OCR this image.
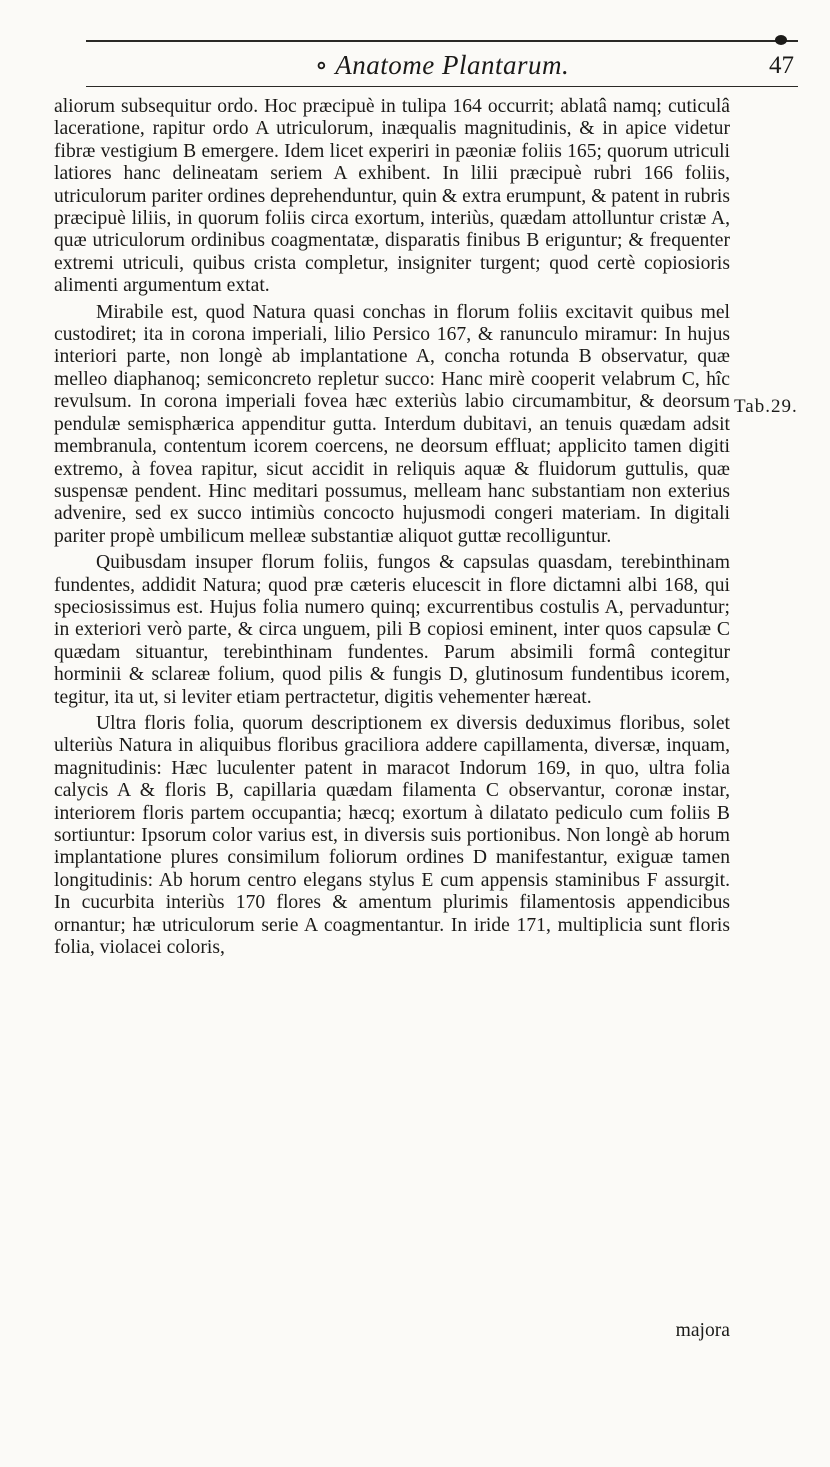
∘ Anatome Plantarum.	47
Tab.29.

aliorum subsequitur ordo. Hoc præcipuè in tulipa 164 occurrit; ablatâ namq; cuticulâ laceratione, rapitur ordo A utriculorum, inæqualis magnitudinis, & in apice videtur fibræ vestigium B emergere. Idem licet experiri in pæoniæ foliis 165; quorum utriculi latiores hanc delineatam seriem A exhibent. In lilii præcipuè rubri 166 foliis, utriculorum pariter ordines deprehenduntur, quin & extra erumpunt, & patent in rubris præcipuè liliis, in quorum foliis circa exortum, interiùs, quædam attolluntur cristæ A, quæ utriculorum ordinibus coagmentatæ, disparatis finibus B eriguntur; & frequenter extremi utriculi, quibus crista completur, insigniter turgent; quod certè copiosioris alimenti argumentum extat.

Mirabile est, quod Natura quasi conchas in florum foliis excitavit quibus mel custodiret; ita in corona imperiali, lilio Persico 167, & ranunculo miramur: In hujus interiori parte, non longè ab implantatione A, concha rotunda B observatur, quæ melleo diaphanoq; semiconcreto repletur succo: Hanc mirè cooperit velabrum C, hîc revulsum. In corona imperiali fovea hæc exteriùs labio circumambitur, & deorsum pendulæ semisphærica appenditur gutta. Interdum dubitavi, an tenuis quædam adsit membranula, contentum icorem coercens, ne deorsum effluat; applicito tamen digiti extremo, à fovea rapitur, sicut accidit in reliquis aquæ & fluidorum guttulis, quæ suspensæ pendent. Hinc meditari possumus, melleam hanc substantiam non exterius advenire, sed ex succo intimiùs concocto hujusmodi congeri materiam. In digitali pariter propè umbilicum melleæ substantiæ aliquot guttæ recolliguntur.

Quibusdam insuper florum foliis, fungos & capsulas quasdam, terebinthinam fundentes, addidit Natura; quod præ cæteris elucescit in flore dictamni albi 168, qui speciosissimus est. Hujus folia numero quinq; excurrentibus costulis A, pervaduntur; in exteriori verò parte, & circa unguem, pili B copiosi eminent, inter quos capsulæ C quædam situantur, terebinthinam fundentes. Parum absimili formâ contegitur horminii & sclareæ folium, quod pilis & fungis D, glutinosum fundentibus icorem, tegitur, ita ut, si leviter etiam pertractetur, digitis vehementer hæreat.

Ultra floris folia, quorum descriptionem ex diversis deduximus floribus, solet ulteriùs Natura in aliquibus floribus graciliora addere capillamenta, diversæ, inquam, magnitudinis: Hæc luculenter patent in maracot Indorum 169, in quo, ultra folia calycis A & floris B, capillaria quædam filamenta C observantur, coronæ instar, interiorem floris partem occupantia; hæcq; exortum à dilatato pediculo cum foliis B sortiuntur: Ipsorum color varius est, in diversis suis portionibus. Non longè ab horum implantatione plures consimilum foliorum ordines D manifestantur, exiguæ tamen longitudinis: Ab horum centro elegans stylus E cum appensis staminibus F assurgit. In cucurbita interiùs 170 flores & amentum plurimis filamentosis appendicibus ornantur; hæ utriculorum serie A coagmentantur. In iride 171, multiplicia sunt floris folia, violacei coloris,

majora
